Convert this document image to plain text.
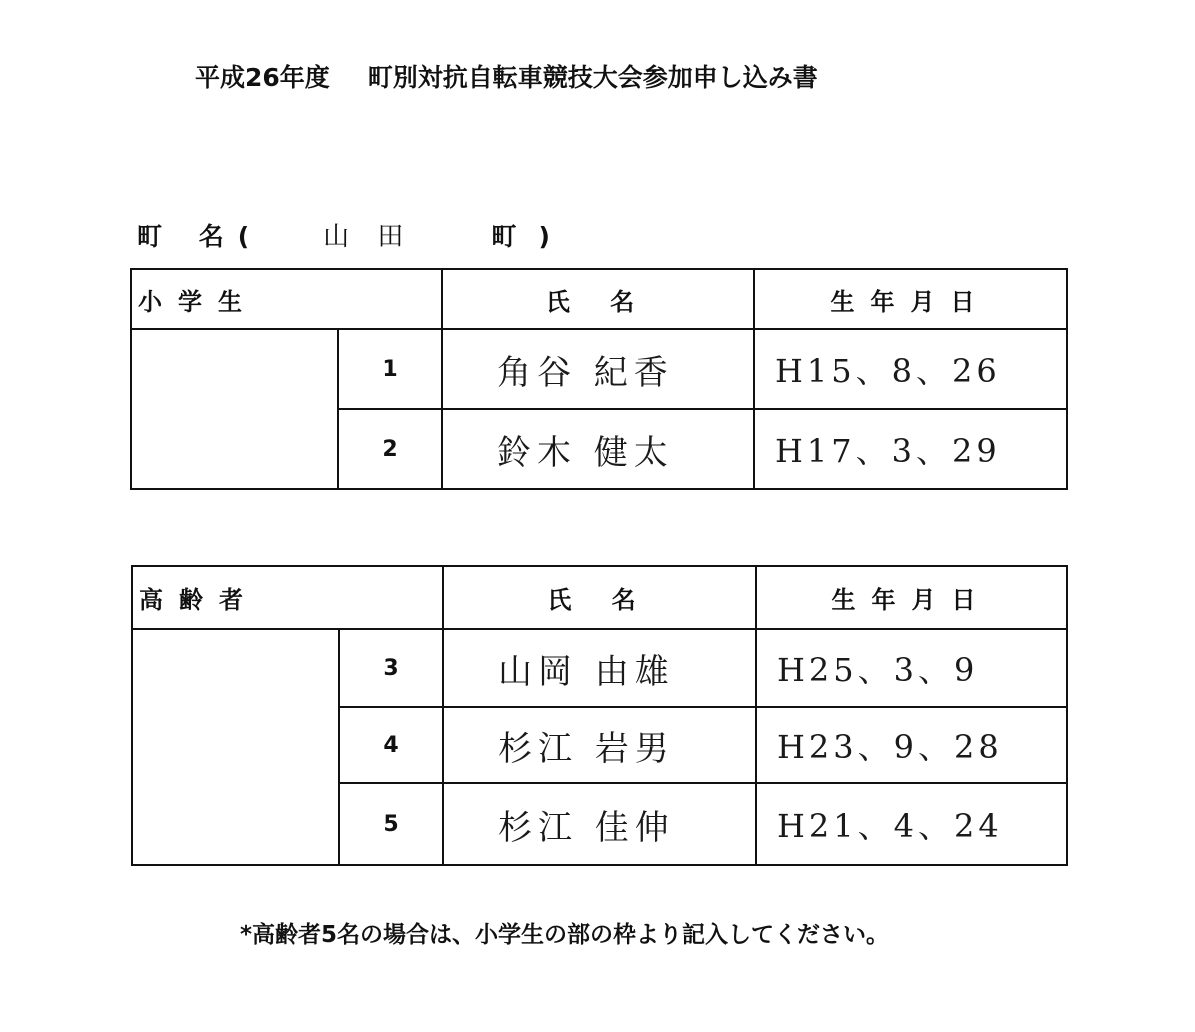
平成26年度 町別対抗自転車競技大会参加申し込み書
町 名(	山 田	町 )
小学生		氏 名	生年月日
	1	角谷 紀香	H15、8、26
	2	鈴木 健太	H17、3、29
高齢者		氏 名	生年月日
	3	山岡 由雄	H25、3、9
	4	杉江 岩男	H23、9、28
	5	杉江 佳伸	H21、4、24
*高齢者5名の場合は、小学生の部の枠より記入してください。
